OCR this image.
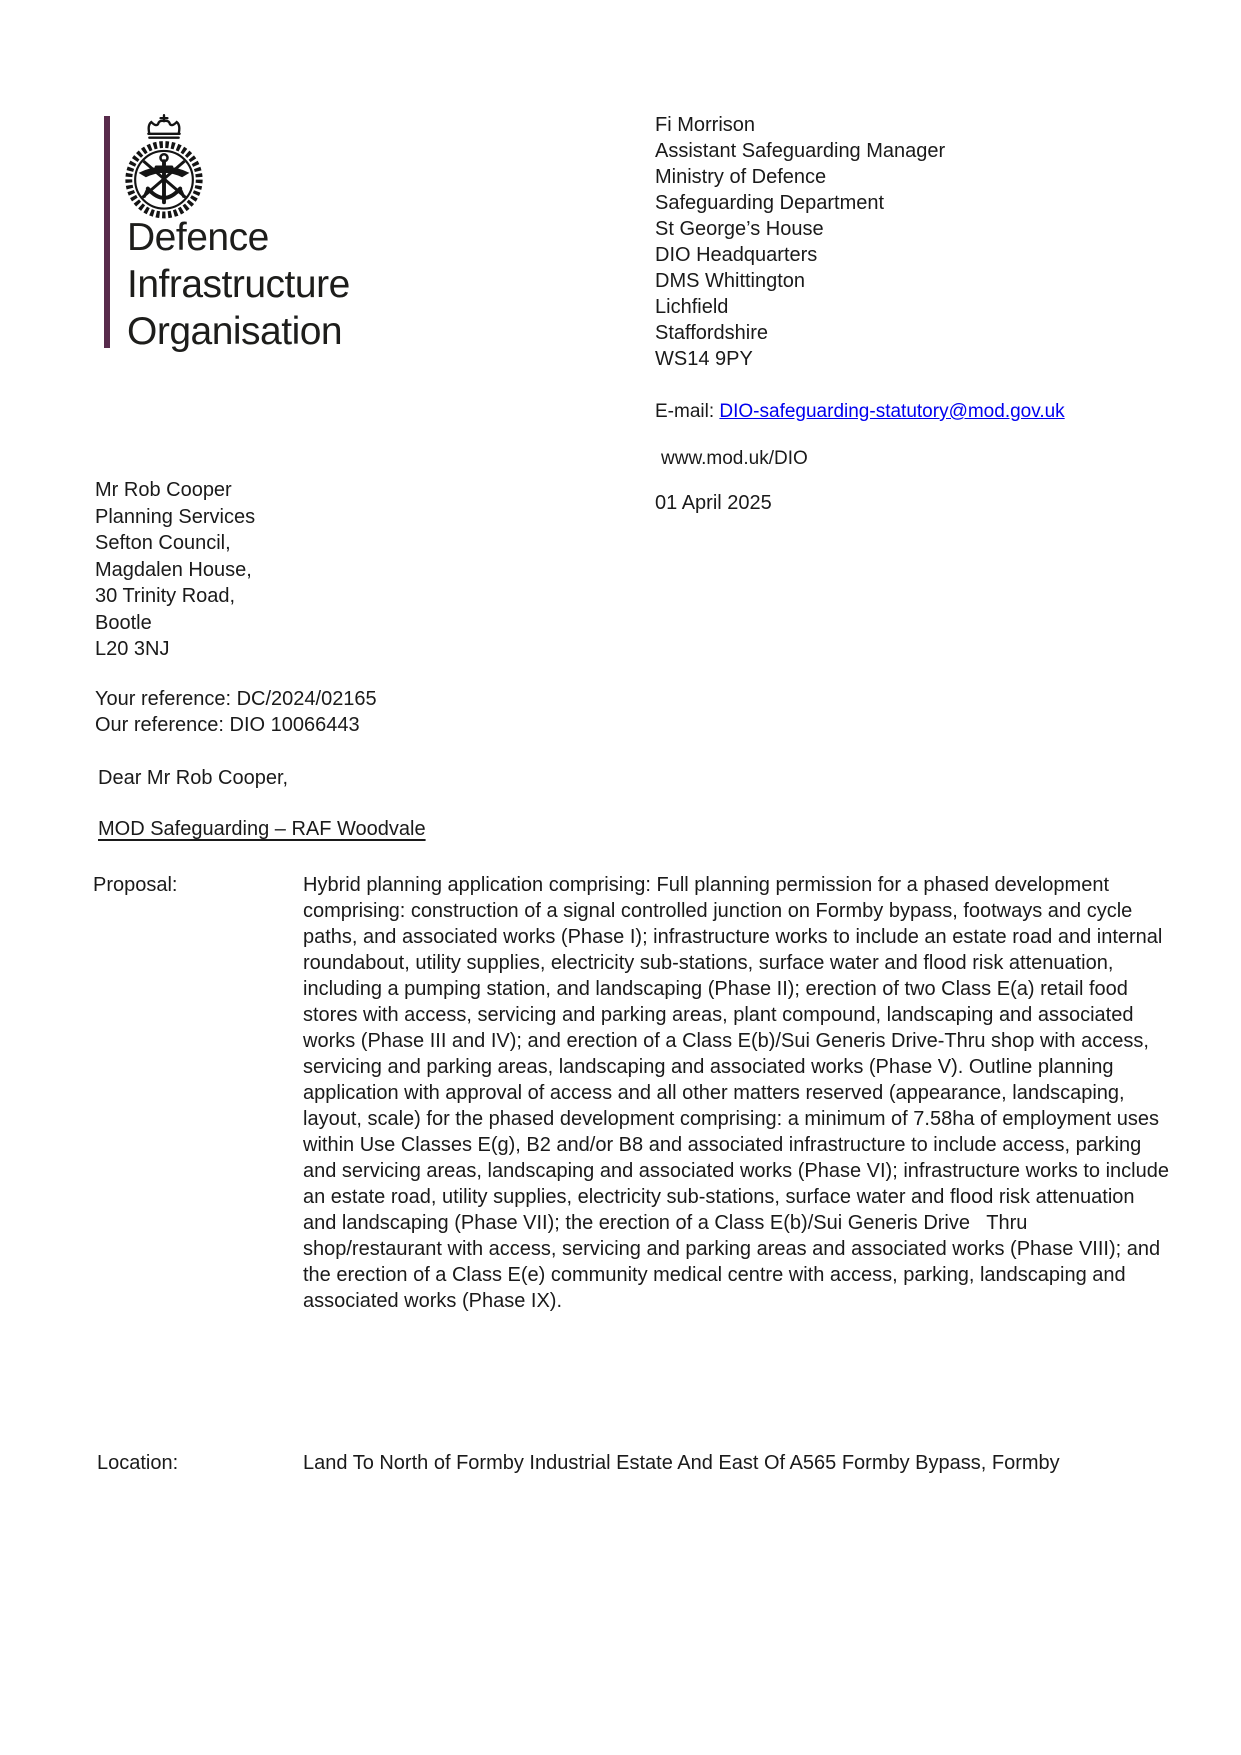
Defence
Infrastructure
Organisation
Fi Morrison
Assistant Safeguarding Manager
Ministry of Defence
Safeguarding Department
St George’s House
DIO Headquarters
DMS Whittington
Lichfield
Staffordshire
WS14 9PY
E-mail: DIO-safeguarding-statutory@mod.gov.uk
www.mod.uk/DIO
01 April 2025
Mr Rob Cooper
Planning Services
Sefton Council,
Magdalen House,
30 Trinity Road,
Bootle
L20 3NJ
Your reference: DC/2024/02165
Our reference: DIO 10066443
Dear Mr Rob Cooper,
MOD Safeguarding – RAF Woodvale
Proposal:	Hybrid planning application comprising: Full planning permission for a phased development comprising: construction of a signal controlled junction on Formby bypass, footways and cycle paths, and associated works (Phase I); infrastructure works to include an estate road and internal roundabout, utility supplies, electricity sub-stations, surface water and flood risk attenuation, including a pumping station, and landscaping (Phase II); erection of two Class E(a) retail food stores with access, servicing and parking areas, plant compound, landscaping and associated works (Phase III and IV); and erection of a Class E(b)/Sui Generis Drive-Thru shop with access, servicing and parking areas, landscaping and associated works (Phase V). Outline planning application with approval of access and all other matters reserved (appearance, landscaping, layout, scale) for the phased development comprising: a minimum of 7.58ha of employment uses within Use Classes E(g), B2 and/or B8 and associated infrastructure to include access, parking and servicing areas, landscaping and associated works (Phase VI); infrastructure works to include an estate road, utility supplies, electricity sub-stations, surface water and flood risk attenuation and landscaping (Phase VII); the erection of a Class E(b)/Sui Generis Drive   Thru shop/restaurant with access, servicing and parking areas and associated works (Phase VIII); and the erection of a Class E(e) community medical centre with access, parking, landscaping and associated works (Phase IX).
Location:	Land To North of Formby Industrial Estate And East Of A565 Formby Bypass, Formby
